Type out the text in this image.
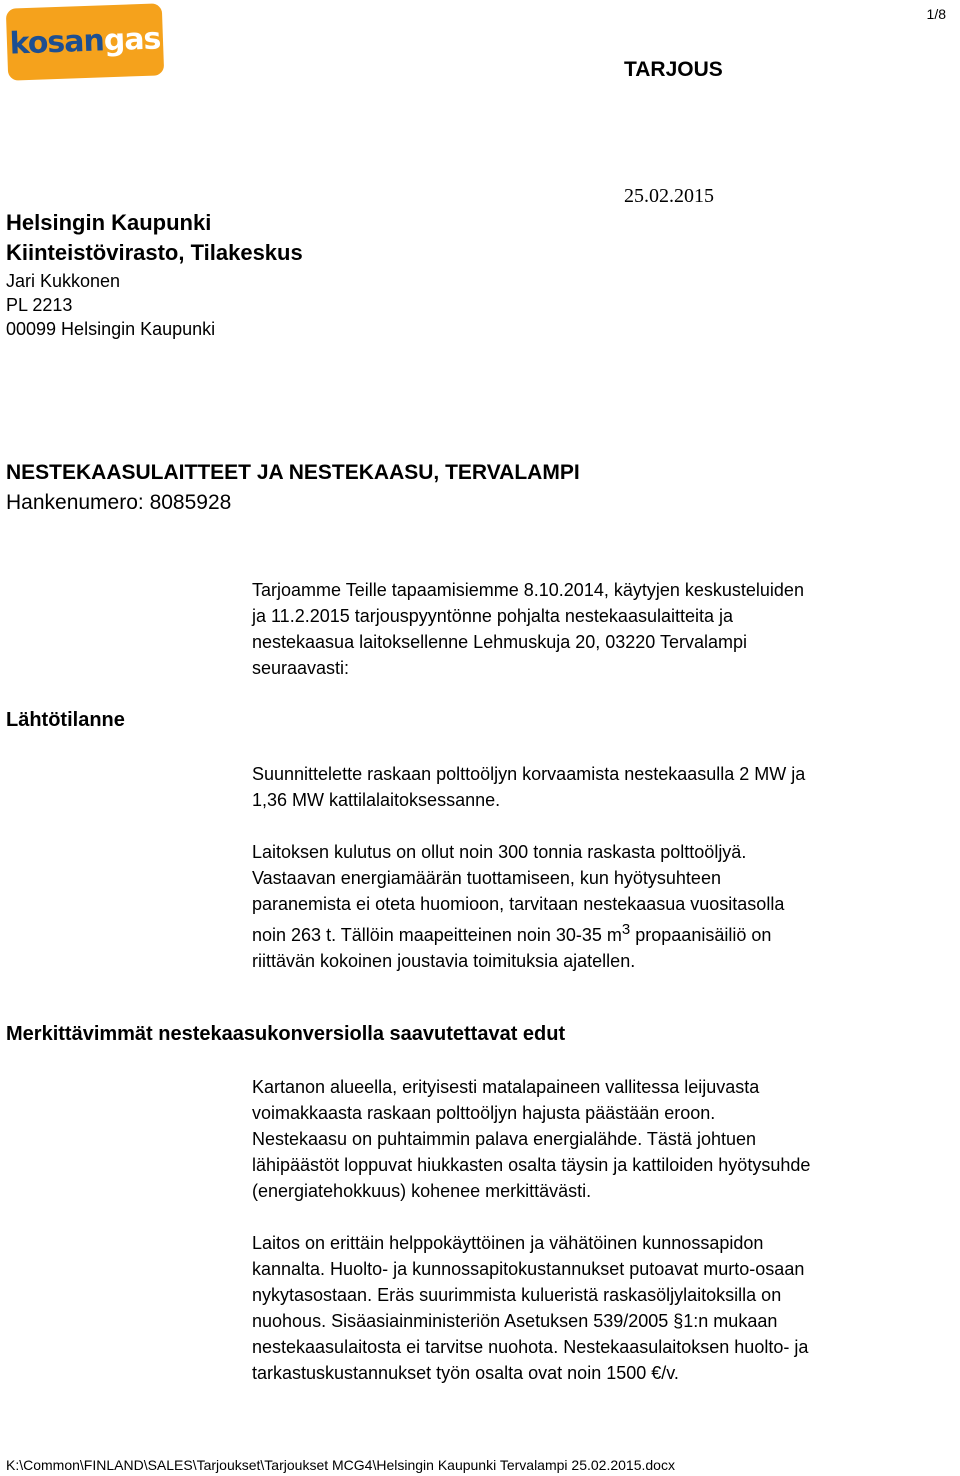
kosangas
1/8
TARJOUS
25.02.2015
Helsingin Kaupunki
Kiinteistövirasto, Tilakeskus
Jari Kukkonen
PL 2213
00099 Helsingin Kaupunki
NESTEKAASULAITTEET JA NESTEKAASU, TERVALAMPI
Hankenumero: 8085928

Tarjoamme Teille tapaamisiemme 8.10.2014, käytyjen keskusteluiden

ja 11.2.2015 tarjouspyyntönne pohjalta nestekaasulaitteita ja

nestekaasua laitoksellenne Lehmuskuja 20, 03220 Tervalampi

seuraavasti:

Lähtötilanne

Suunnittelette raskaan polttoöljyn korvaamista nestekaasulla 2 MW ja

1,36 MW kattilalaitoksessanne.

Laitoksen kulutus on ollut noin 300 tonnia raskasta polttoöljyä.

Vastaavan energiamäärän tuottamiseen, kun hyötysuhteen

paranemista ei oteta huomioon, tarvitaan nestekaasua vuositasolla

noin 263 t. Tällöin maapeitteinen noin 30-35 $m^3$ propaanisäiliö on

riittävän kokoinen joustavia toimituksia ajatellen.

Merkittävimmät nestekaasukonversiolla saavutettavat edut

Kartanon alueella, erityisesti matalapaineen vallitessa leijuvasta

voimakkaasta raskaan polttoöljyn hajusta päästään eroon.

Nestekaasu on puhtaimmin palava energialähde. Tästä johtuen

lähipäästöt loppuvat hiukkasten osalta täysin ja kattiloiden hyötysuhde

(energiatehokkuus) kohenee merkittävästi.

Laitos on erittäin helppokäyttöinen ja vähätöinen kunnossapidon

kannalta. Huolto- ja kunnossapitokustannukset putoavat murto-osaan

nykytasostaan. Eräs suurimmista kulueristä raskasöljylaitoksilla on

nuohous. Sisäasiainministeriön Asetuksen 539/2005 §1:n mukaan

nestekaasulaitosta ei tarvitse nuohota. Nestekaasulaitoksen huolto- ja

tarkastuskustannukset työn osalta ovat noin 1500 €/v.

K:\Common\FINLAND\SALES\Tarjoukset\Tarjoukset MCG4\Helsingin Kaupunki Tervalampi 25.02.2015.docx
